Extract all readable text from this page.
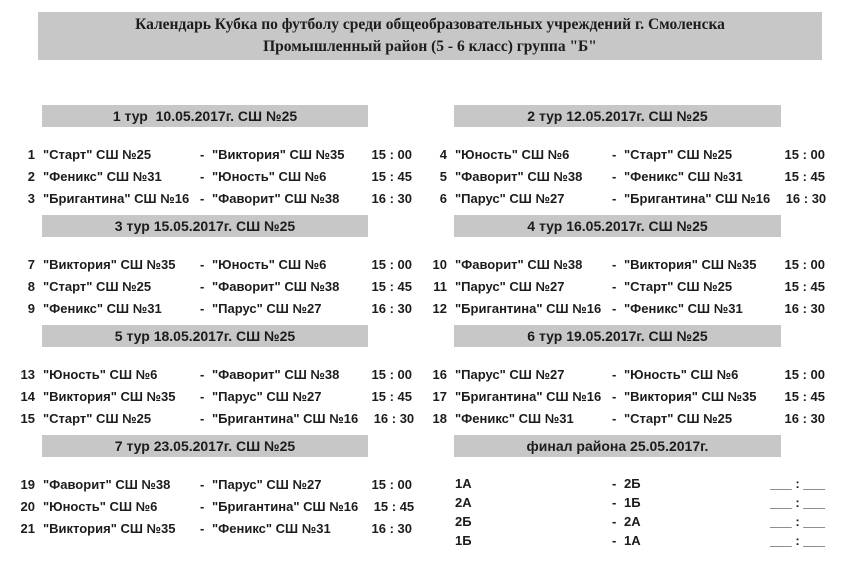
Календарь Кубка по футболу среди общеобразовательных учреждений г. Смоленска
Промышленный район (5 - 6 класс) группа "Б"
1 тур  10.05.2017г. СШ №25
1 "Старт" СШ №25	- "Виктория" СШ №35	15 : 00
2 "Феникс" СШ №31	- "Юность" СШ №6	15 : 45
3 "Бригантина" СШ №16 - "Фаворит" СШ №38	16 : 30
2 тур 12.05.2017г. СШ №25
4 "Юность" СШ №6	- "Старт" СШ №25	15 : 00
5 "Фаворит" СШ №38	- "Феникс" СШ №31	15 : 45
6 "Парус" СШ №27	- "Бригантина" СШ №16	16 : 30
3 тур 15.05.2017г. СШ №25
7 "Виктория" СШ №35	- "Юность" СШ №6	15 : 00
8 "Старт" СШ №25	- "Фаворит" СШ №38	15 : 45
9 "Феникс" СШ №31	- "Парус" СШ №27	16 : 30
4 тур 16.05.2017г. СШ №25
10 "Фаворит" СШ №38	- "Виктория" СШ №35	15 : 00
11 "Парус" СШ №27	- "Старт" СШ №25	15 : 45
12 "Бригантина" СШ №16 - "Феникс" СШ №31	16 : 30
5 тур 18.05.2017г. СШ №25
13 "Юность" СШ №6	- "Фаворит" СШ №38	15 : 00
14 "Виктория" СШ №35	- "Парус" СШ №27	15 : 45
15 "Старт" СШ №25	- "Бригантина" СШ №16	16 : 30
6 тур 19.05.2017г. СШ №25
16 "Парус" СШ №27	- "Юность" СШ №6	15 : 00
17 "Бригантина" СШ №16 - "Виктория" СШ №35	15 : 45
18 "Феникс" СШ №31	- "Старт" СШ №25	16 : 30
7 тур 23.05.2017г. СШ №25
19 "Фаворит" СШ №38	- "Парус" СШ №27	15 : 00
20 "Юность" СШ №6	- "Бригантина" СШ №16	15 : 45
21 "Виктория" СШ №35	- "Феникс" СШ №31	16 : 30
финал района 25.05.2017г.
1А	- 2Б	___ : ___
2А	- 1Б	___ : ___
2Б	- 2А	___ : ___
1Б	- 1А	___ : ___
